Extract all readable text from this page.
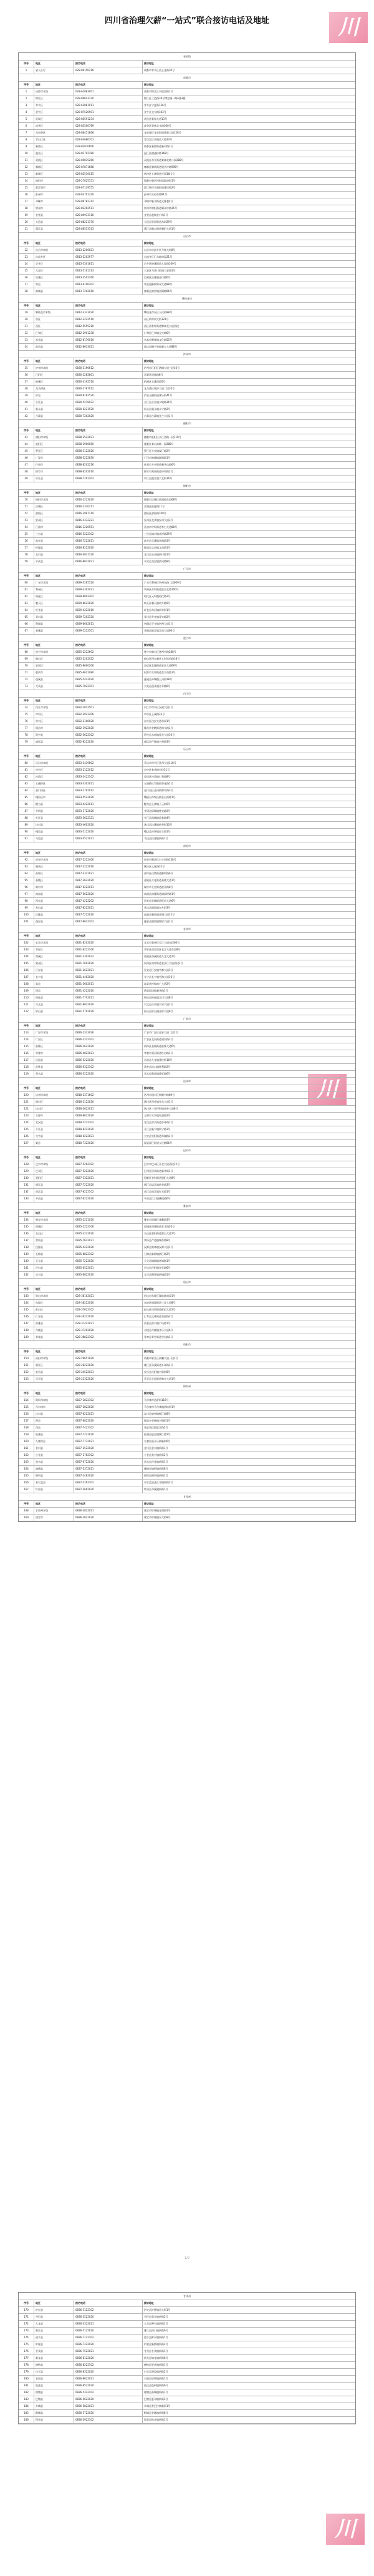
四川省治理欠薪“一站式”联合接访电话及地址	川观
川观
川观
省本级
序号	地区	接访电话	接访地址
1	省人社厅	028-86150216	成都市青羊区西玉龙街30号
成都市
序号	地区	接访电话	接访地址
1	成都市本级	028-61883001	成都市锦江区书院西街1号
2	锦江区	028-86643120	锦江区三色路38号博览城一期A座2楼
3	青羊区	028-61881911	青羊区宁夏街136号
4	金牛区	028-87520901	金牛区交大路183号
5	武侯区	028-85591234	武侯区新园大道13号
6	成华区	028-83500789	成华区双林北支路300号
7	龙泉驿区	028-88451666	龙泉驿区龙泉街道驿都大道128号
8	青白江区	028-83680701	青白江区凤凰西六路23号
9	新都区	028-83970606	新都区新都街道新中路1号
10	温江区	028-82702180	温江区德通桥路168号
11	双流区	028-85835260	双流区东升街道棠湖北路二段288号
12	郫都区	028-87871688	郫都区郫筒街道望丛中路998号
13	新津区	028-82510015	新津区五津街道兴园1路1号
14	简阳市	028-27025151	简阳市射洪坝街道政府街1号
15	都江堰市	028-87129555	都江堰市幸福街道建设路2号
16	彭州市	028-83701220	彭州市天府东路91号
17	邛崃市	028-88782312	邛崃市临邛街道文脉巷4号
18	崇州市	028-82262511	崇州市崇阳街道蜀州中路35号
19	金堂县	028-84933110	金堂县赵镇金广路1号
20	大邑县	028-88221170	大邑县晋原街道东街29号
21	蒲江县	028-88553313	蒲江县鹤山街道朝阳大道1号
自贡市
序号	地区	接访电话	接访地址
22	自贡市本级	0813-2206021	自贡市自流井区丹桂大街8号
23	自流井区	0813-2202977	自流井区汇东路南段21号
24	贡井区	0813-3301811	贡井区筱溪街道人民路169号
25	大安区	0813-5101313	大安区马冲口街道大安路1号
26	沿滩区	0813-3502160	沿滩区沿滩镇金川路6号
27	荣县	0813-6100202	荣县旭阳镇荣州大道88号
28	富顺县	0813-7202010	富顺县富世镇西湖路66号
攀枝花市
序号	地区	接访电话	接访地址
29	攀枝花市本级	0812-3333020	攀枝花市东区人民街88号
30	东区	0812-2222510	东区炳草岗大街121号
31	西区	0812-5555210	西区清香坪街道攀枝花大道西段
32	仁和区	0812-2901238	仁和区仁和镇宝兴路6号
33	米易县	0812-8176010	米易县攀莲镇文化路55号
34	盐边县	0812-8633021	盐边县桐子林镇新九大道88号
泸州市
序号	地区	接访电话	接访地址
35	泸州市本级	0830-3196612	泸州市江阳区酒城大道三段16号
36	江阳区	0830-2282801	江阳区迎晖路8号
37	纳溪区	0830-4192510	纳溪区云溪西路5号
38	龙马潭区	0830-2787012	龙马潭区蜀泸大道二段16号
39	泸县	0830-8162520	泸县玉蟾街道康乐街41号
40	合江县	0830-5219022	合江县合江镇少岷路36号
41	叙永县	0830-6221520	叙永县叙永镇永宁路2号
42	古蔺县	0830-7202020	古蔺县古蔺镇金兰大道1号
德阳市
序号	地区	接访电话	接访地址
43	德阳市本级	0838-2522021	德阳市旌阳区长江西路一段118号
44	旌阳区	0838-2906050	旌阳区泰山南路一段288号
45	罗江区	0838-3122020	罗江区万安镇纹江路2号
46	广汉市	0838-5222830	广汉市雒城镇湘潭路1号
47	什邡市	0838-8202216	什邡市方亭街道蓥华山路6号
48	绵竹市	0838-6202010	绵竹市剑南街道中和街2号
49	中江县	0838-7202202	中江县凯江镇大北街36号
绵阳市
序号	地区	接访电话	接访地址
50	绵阳市本级	0816-2223020	绵阳市涪城区临园路东段68号
51	涪城区	0816-2310217	涪城区跃进路11号
52	游仙区	0816-2987110	游仙区游仙路100号
53	安州区	0816-4332221	安州区花荄镇安州大道3号
54	江油市	0816-3220551	江油市中坝街道李白大道88号
55	三台县	0816-5222102	三台县潼川镇北坝路29号
56	盐亭县	0816-7222021	盐亭县云溪镇凤凰路3号
57	梓潼县	0816-8222020	梓潼县文昌镇文昌路1号
58	北川县	0816-4831120	北川县永昌镇新川路1号
59	平武县	0816-8822021	平武县龙安镇滨河路8号
广元市
序号	地区	接访电话	接访地址
60	广元市本级	0839-3265520	广元市利州区利州东路二段609号
61	利州区	0839-3302021	利州区东坝街道滨河北路100号
62	昭化区	0839-8802202	昭化区元坝镇昭化路2号
63	朝天区	0839-8622020	朝天区朝天镇明月路9号
64	旺苍县	0839-4222010	旺苍县东河镇新华街1号
65	青川县	0839-7202120	青川县乔庄镇青竹路2号
66	剑阁县	0839-6602011	剑阁县下寺镇剑州大道1号
67	苍溪县	0839-5222501	苍溪县陵江镇江南大道66号
遂宁市
序号	地区	接访电话	接访地址
68	遂宁市本级	0825-2222602	遂宁市船山区遂州中路288号
69	船山区	0825-2202022	船山区河东新区五彩缤纷路18号
70	安居区	0825-8600206	安居区柔刚街道安居大道69号
71	射洪市	0825-6622080	射洪市太和街道美丰南路1号
72	蓬溪县	0825-5422020	蓬溪县赤城镇上河街28号
73	大英县	0825-7822101	大英县蓬莱镇江华路6号
内江市
序号	地区	接访电话	接访地址
74	内江市本级	0832-2022501	内江市市中区汉渝大道1号
75	市中区	0832-2022206	市中区玉溪路33号
76	东兴区	0832-2106020	东兴区汉安大道东段1号
77	隆昌市	0832-3922020	隆昌市金鹅街道南关路1号
78	资中县	0832-5622102	资中县水南镇重龙大道10号
79	威远县	0832-8222020	威远县严陵镇兴建路3号
乐山市
序号	地区	接访电话	接访地址
80	乐山市本级	0833-2439802	乐山市市中区嘉州大道118号
81	市中区	0833-2122012	市中区春华路中段31号
82	沙湾区	0833-3422102	沙湾区沙湾镇仁和路8号
83	五通桥区	0833-3302021	五通桥区竹根镇茶花路1号
84	金口河区	0833-2702012	金口河区金河镇和平路3号
85	峨眉山市	0833-5522020	峨眉山市绥山镇名山南路1号
86	犍为县	0833-4222011	犍为县玉津镇子云街6号
87	井研县	0833-3722020	井研县研城镇胜泉路2号
88	夹江县	0833-5622121	夹江县漹城镇迎春路4号
89	沐川县	0833-4602020	沐川县沐溪镇新华街10号
90	峨边县	0833-5122020	峨边县沙坪镇民主路1号
91	马边县	0833-4522021	马边县民建镇新街1号
南充市
序号	地区	接访电话	接访地址
92	南充市本级	0817-2222406	南充市顺庆区白土坝路158号
93	顺庆区	0817-2222010	顺庆区文化路32号
94	高坪区	0817-3322021	高坪区白塔街道鹤鸣路6号
95	嘉陵区	0817-3622020	嘉陵区火花街道嘉陵大道1号
96	阆中市	0817-6222011	阆中市七里街道滨江路8号
97	南部县	0817-5622020	南部县南隆街道满福坝路1号
98	西充县	0817-4222202	西充县晋城街道纪信大道6号
99	营山县	0817-8222021	营山县朗池镇东升街3号
100	仪陇县	0817-7222020	仪陇县新政镇金城大道12号
101	蓬安县	0817-8622102	蓬安县相如镇锦屏大道1号
宜宾市
序号	地区	接访电话	接访地址
102	宜宾市本级	0831-8202020	宜宾市叙州区长江大道东段66号
103	翠屏区	0831-8222106	翠屏区南岸西区长江大道东段8号
104	南溪区	0831-3302022	南溪区南溪街道九龙大道1号
105	叙州区	0831-7602020	叙州区南岸街道金沙江大道西段1号
106	江安县	0831-2622021	江安县江安镇竹都大道3号
107	长宁县	0831-4402020	长宁县长宁镇竹海大道16号
108	高县	0831-5602011	高县庆符镇南广大道2号
109	珙县	0831-4222020	珙县巡场镇新华路1号
110	筠连县	0831-7702021	筠连县筠连镇定川大道8号
111	兴文县	0831-8822020	兴文县古宋镇兴宋大道1号
112	屏山县	0831-5702020	屏山县屏山镇金屏大道8号
广安市
序号	地区	接访电话	接访地址
113	广安市本级	0826-2333026	广安市广安区金安大道二段1号
114	广安区	0826-2222102	广安区北辰街道建设路1号
115	前锋区	0826-2622020	前锋区奎阁街道前锋大道6号
116	华蓥市	0826-4822021	华蓥市双河街道红岩路1号
117	岳池县	0826-5222020	岳池县九龙镇建设街18号
118	武胜县	0826-6322102	武胜县沿口镇胜利路2号
119	邻水县	0826-3222020	邻水县鼎屏镇鼎屏路6号
达州市
序号	地区	接访电话	接访地址
120	达州市本级	0818-2371602	达州市通川区朝阳中路89号
121	通川区	0818-2122020	通川区西外镇金龙大道1号
122	达川区	0818-2622021	达川区三里坪街道南外大道8号
123	万源市	0818-8622020	万源市太平镇红旗路2号
124	宣汉县	0818-5222102	宣汉县东乡街道东环路1号
125	开江县	0818-8222020	开江县新宁镇新宁路3号
126	大竹县	0818-6222021	大竹县竹阳街道东湖路1号
127	渠县	0818-7322020	渠县渠江街道人民路66号
巴中市
序号	地区	接访电话	接访地址
128	巴中市本级	0827-5262102	巴中市巴州区江北大道西段12号
129	巴州区	0827-5222020	巴州区回风街道新华街1号
130	恩阳区	0827-3322021	恩阳区登科街道恩阳大道8号
131	通江县	0827-7222020	通江县诺江镇新华路3号
132	南江县	0827-8222102	南江县南江镇红光路1号
133	平昌县	0827-6222020	平昌县江口镇佛楼路6号
雅安市
序号	地区	接访电话	接访地址
134	雅安市本级	0835-2221020	雅安市雨城区康藏路3号
135	雨城区	0835-2222106	雨城区西城街道育才路20号
136	名山区	0835-3222020	名山区蒙阳街道蒙山大道1号
137	荥经县	0835-7622021	荥经县严道镇城东路8号
138	汉源县	0835-4222020	汉源县富林镇汉源大道1号
139	石棉县	0835-8822102	石棉县新棉镇滨江路2号
140	天全县	0835-7222020	天全县城厢镇环城路1号
141	芦山县	0835-6522021	芦山县芦阳镇金花路6号
142	宝兴县	0835-6822020	宝兴县穆坪镇新城路1号
眉山市
序号	地区	接访电话	接访地址
143	眉山市本级	028-38102021	眉山市东坡区湖滨路南段1号
144	东坡区	028-38222020	东坡区通惠街道三苏大道8号
145	彭山区	028-37622102	彭山区凤鸣街道彭祖大道1号
146	仁寿县	028-36222020	仁寿县文林街道书院路2号
147	洪雅县	028-37422021	洪雅县洪川镇广场路1号
148	丹棱县	028-37202020	丹棱县丹棱镇齐乐大道6号
149	青神县	028-38822102	青神县青竹街道中岩路1号
资阳市
序号	地区	接访电话	接访地址
150	资阳市本级	028-26651020	资阳市雁江区晨曦大道一段1号
151	雁江区	028-26222020	雁江区资溪街道外环路1号
152	安岳县	028-24522021	安岳县岳阳镇兴隆街8号
153	乐至县	028-23322020	乐至县天池街道帅乡大道1号
阿坝州
序号	地区	接访电话	接访地址
154	阿坝州本级	0837-2822102	马尔康市达萨街116号
155	马尔康市	0837-2822020	马尔康市马尔康镇团结街1号
156	汶川县	0837-6222021	汶川县威州镇岷江路8号
157	理县	0837-6822020	理县杂谷脑镇兴隆街1号
158	茂县	0837-7422102	茂县凤仪镇滨江路2号
159	松潘县	0837-7222020	松潘县进安镇顺江路1号
160	九寨沟县	0837-7732021	九寨沟县永乐镇新街6号
161	金川县	0837-2522020	金川县金川镇新街1号
162	小金县	0837-2782102	小金县美兴镇新街2号
163	黑水县	0837-6722020	黑水县芦花镇新街1号
164	壤塘县	0837-2372021	壤塘县壤柯镇新街8号
165	阿坝县	0837-2482020	阿坝县阿坝镇新街1号
166	若尔盖县	0837-2292102	若尔盖县达扎寺镇新街2号
167	红原县	0837-2662020	红原县邛溪镇新街1号
甘孜州
序号	地区	接访电话	接访地址
168	甘孜州本级	0836-2822021	康定市炉城镇光明路1号
169	康定市	0836-2822020	康定市炉城镇东大街8号
1/2
甘孜州
序号	地区	接访电话	接访地址
170	泸定县	0836-3122102	泸定县泸桥镇西大街1号
171	丹巴县	0836-3522020	丹巴县章谷镇新街2号
172	九龙县	0836-3322021	九龙县呷尔镇新街1号
173	雅江县	0836-5122020	雅江县河口镇新街6号
174	道孚县	0836-7122102	道孚县鲜水镇新街1号
175	炉霍县	0836-7322020	炉霍县新都镇新街2号
176	甘孜县	0836-7522021	甘孜县甘孜镇新街1号
177	新龙县	0836-8122020	新龙县如龙镇新街8号
178	德格县	0836-8222102	德格县更庆镇新街1号
179	白玉县	0836-8322020	白玉县建设镇新街2号
180	石渠县	0836-8622021	石渠县尼呷镇新街1号
181	色达县	0836-8522020	色达县色柯镇新街6号
182	理塘县	0836-5322102	理塘县高城镇新街1号
183	巴塘县	0836-5622020	巴塘县夏邛镇新街2号
184	乡城县	0836-5822021	乡城县香巴拉镇新街1号
185	稻城县	0836-5722020	稻城县金珠镇新街8号
186	得荣县	0836-5922102	得荣县松麦镇新街1号
